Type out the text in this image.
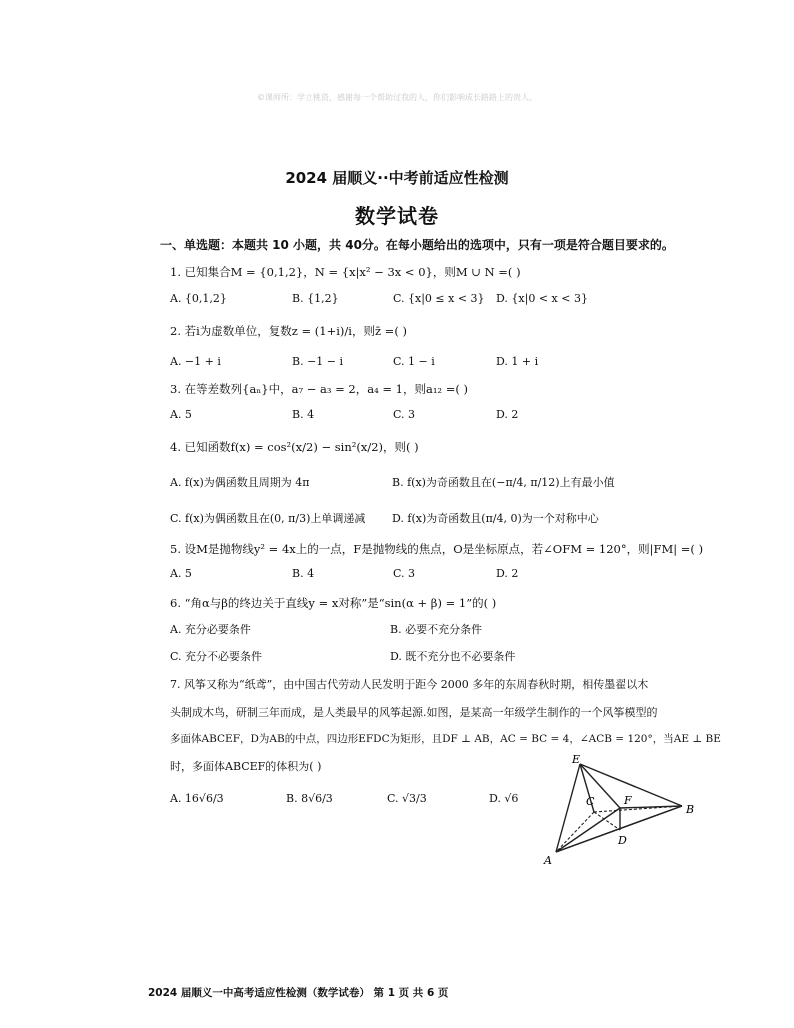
©课师所：学立桃资，感谢每一个帮助过我的人，你们影响成长路路上的贵人。
2024 届顺义··中考前适应性检测
数学试卷
一、单选题：本题共 10 小题，共 40分。在每小题给出的选项中，只有一项是符合题目要求的。
1. 已知集合M = {0,1,2}，N = {x|x² − 3x < 0}，则M ∪ N =( )
A. {0,1,2}	B. {1,2}	C. {x|0 ≤ x < 3} D. {x|0 < x < 3}
2. 若i为虚数单位，复数z = (1+i)/i，则z̄ =( )
A. −1 + i	B. −1 − i	C. 1 − i	D. 1 + i
3. 在等差数列{aₙ}中，a₇ − a₃ = 2，a₄ = 1，则a₁₂ =( )
A. 5	B. 4	C. 3	D. 2
4. 已知函数f(x) = cos²(x/2) − sin²(x/2)，则( )
A. f(x)为偶函数且周期为 4π	B. f(x)为奇函数且在(−π/4, π/12)上有最小值
C. f(x)为偶函数且在(0, π/3)上单调递减 D. f(x)为奇函数且(π/4, 0)为一个对称中心
5. 设M是抛物线y² = 4x上的一点，F是抛物线的焦点，O是坐标原点，若∠OFM = 120°，则|FM| =( )
A. 5	B. 4	C. 3	D. 2
6. “角α与β的终边关于直线y = x对称”是“sin(α + β) = 1”的( )
A. 充分必要条件	B. 必要不充分条件
C. 充分不必要条件	D. 既不充分也不必要条件
7. 风筝又称为“纸鸢”，由中国古代劳动人民发明于距今 2000 多年的东周春秋时期，相传墨翟以木
头制成木鸟，研制三年而成，是人类最早的风筝起源.如图，是某高一年级学生制作的一个风筝模型的
多面体ABCEF，D为AB的中点，四边形EFDC为矩形，且DF ⊥ AB，AC = BC = 4，∠ACB = 120°，当AE ⊥ BE
时，多面体ABCEF的体积为( )
A. 16√6/3	B. 8√6/3	C. √3/3	D. √6
E
C	F
B
D
A
2024 届顺义一中高考适应性检测（数学试卷） 第 1 页 共 6 页
